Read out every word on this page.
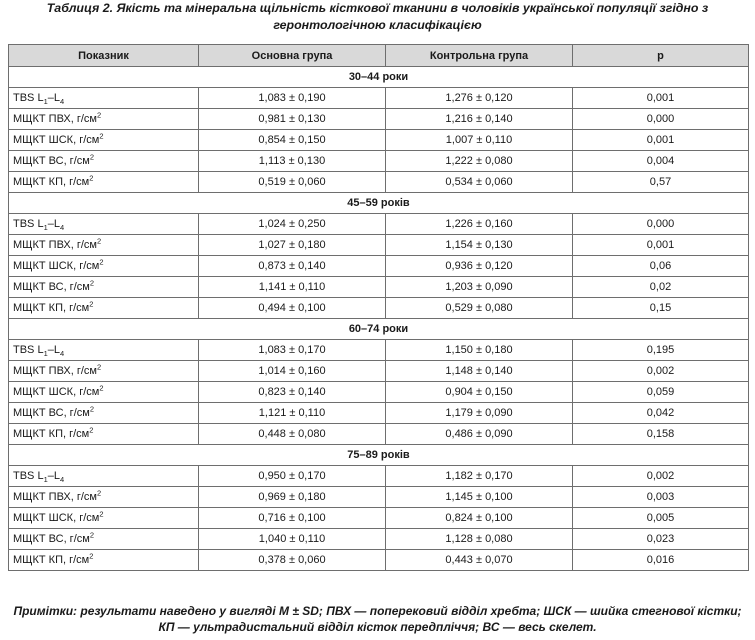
Таблиця 2. Якість та мінеральна щільність кісткової тканини в чоловіків української популяції згідно з геронтологічною класифікацією
Показник	Основна група	Контрольна група	р
30–44 роки			
TBS $L_1-L_4$	1,083 ± 0,190	1,276 ± 0,120	0,001
МЩКТ ПВХ, $г/см^2$	0,981 ± 0,130	1,216 ± 0,140	0,000
МЩКТ ШСК, $г/см^2$	0,854 ± 0,150	1,007 ± 0,110	0,001
МЩКТ ВС, $г/см^2$	1,113 ± 0,130	1,222 ± 0,080	0,004
МЩКТ КП, $г/см^2$	0,519 ± 0,060	0,534 ± 0,060	0,57
45–59 років			
TBS $L_1-L_4$	1,024 ± 0,250	1,226 ± 0,160	0,000
МЩКТ ПВХ, $г/см^2$	1,027 ± 0,180	1,154 ± 0,130	0,001
МЩКТ ШСК, $г/см^2$	0,873 ± 0,140	0,936 ± 0,120	0,06
МЩКТ ВС, $г/см^2$	1,141 ± 0,110	1,203 ± 0,090	0,02
МЩКТ КП, $г/см^2$	0,494 ± 0,100	0,529 ± 0,080	0,15
60–74 роки			
TBS $L_1-L_4$	1,083 ± 0,170	1,150 ± 0,180	0,195
МЩКТ ПВХ, $г/см^2$	1,014 ± 0,160	1,148 ± 0,140	0,002
МЩКТ ШСК, $г/см^2$	0,823 ± 0,140	0,904 ± 0,150	0,059
МЩКТ ВС, $г/см^2$	1,121 ± 0,110	1,179 ± 0,090	0,042
МЩКТ КП, $г/см^2$	0,448 ± 0,080	0,486 ± 0,090	0,158
75–89 років			
TBS $L_1-L_4$	0,950 ± 0,170	1,182 ± 0,170	0,002
МЩКТ ПВХ, $г/см^2$	0,969 ± 0,180	1,145 ± 0,100	0,003
МЩКТ ШСК, $г/см^2$	0,716 ± 0,100	0,824 ± 0,100	0,005
МЩКТ ВС, $г/см^2$	1,040 ± 0,110	1,128 ± 0,080	0,023
МЩКТ КП, $г/см^2$	0,378 ± 0,060	0,443 ± 0,070	0,016
Примітки: результати наведено у вигляді M ± SD; ПВХ — поперековий відділ хребта; ШСК — шийка стегнової кістки; КП — ультрадистальний відділ кісток передпліччя; ВС — весь скелет.
